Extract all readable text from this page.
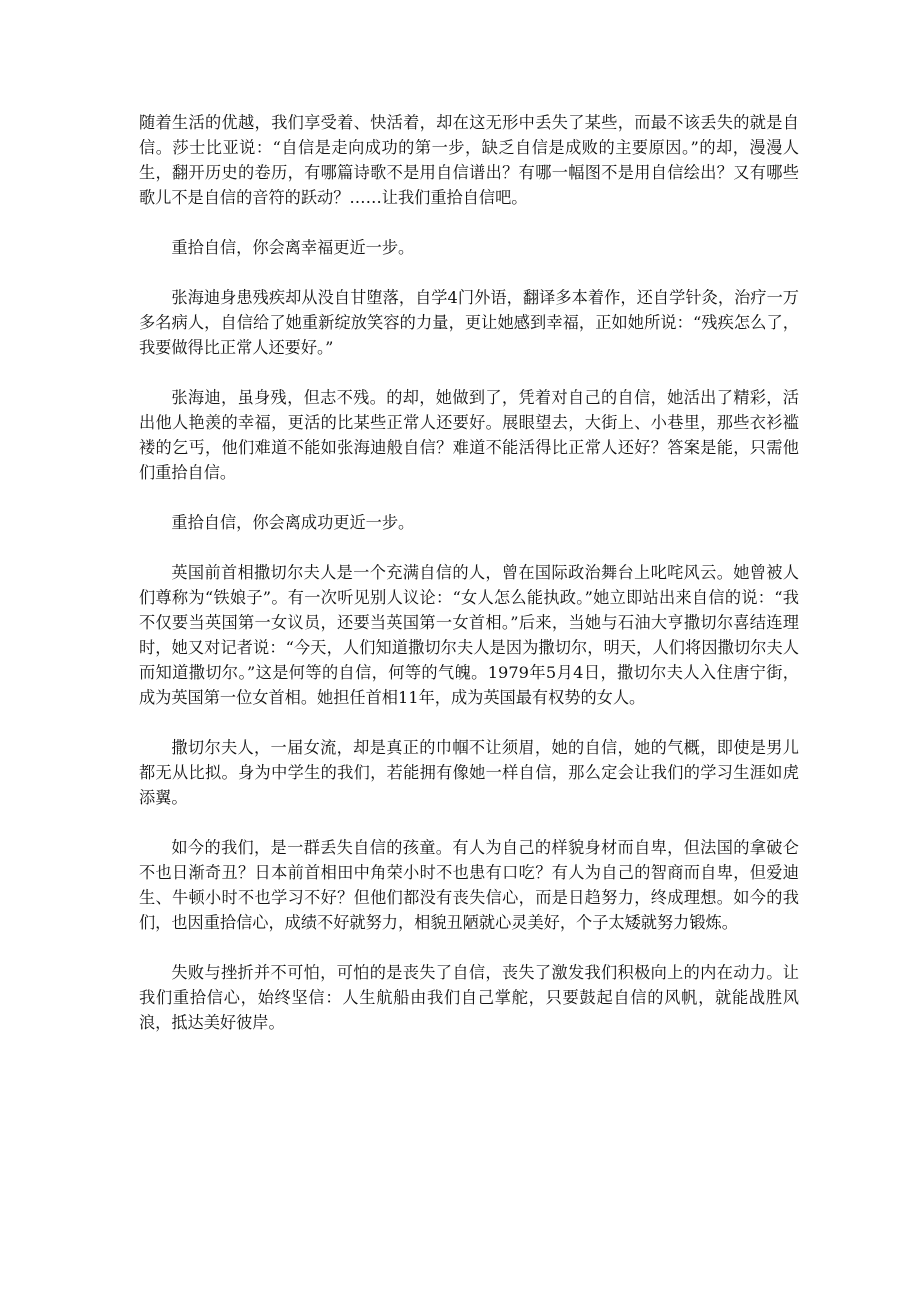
随着生活的优越，我们享受着、快活着，却在这无形中丢失了某些，而最不该丢失的就是自信。莎士比亚说：“自信是走向成功的第一步，缺乏自信是成败的主要原因。”的却，漫漫人生，翻开历史的卷历，有哪篇诗歌不是用自信谱出？有哪一幅图不是用自信绘出？又有哪些歌儿不是自信的音符的跃动？……让我们重拾自信吧。

重拾自信，你会离幸福更近一步。

张海迪身患残疾却从没自甘堕落，自学4门外语，翻译多本着作，还自学针灸，治疗一万多名病人，自信给了她重新绽放笑容的力量，更让她感到幸福，正如她所说：“残疾怎么了，我要做得比正常人还要好。”

张海迪，虽身残，但志不残。的却，她做到了，凭着对自己的自信，她活出了精彩，活出他人艳羡的幸福，更活的比某些正常人还要好。展眼望去，大街上、小巷里，那些衣衫褴褛的乞丐，他们难道不能如张海迪般自信？难道不能活得比正常人还好？答案是能，只需他们重拾自信。

重拾自信，你会离成功更近一步。

英国前首相撒切尔夫人是一个充满自信的人，曾在国际政治舞台上叱咤风云。她曾被人们尊称为“铁娘子”。有一次听见别人议论：“女人怎么能执政。”她立即站出来自信的说：“我不仅要当英国第一女议员，还要当英国第一女首相。”后来，当她与石油大亨撒切尔喜结连理时，她又对记者说：“今天，人们知道撒切尔夫人是因为撒切尔，明天，人们将因撒切尔夫人而知道撒切尔。”这是何等的自信，何等的气魄。1979年5月4日，撒切尔夫人入住唐宁街，成为英国第一位女首相。她担任首相11年，成为英国最有权势的女人。

撒切尔夫人，一届女流，却是真正的巾帼不让须眉，她的自信，她的气概，即使是男儿都无从比拟。身为中学生的我们，若能拥有像她一样自信，那么定会让我们的学习生涯如虎添翼。

如今的我们，是一群丢失自信的孩童。有人为自己的样貌身材而自卑，但法国的拿破仑不也日渐奇丑？日本前首相田中角荣小时不也患有口吃？有人为自己的智商而自卑，但爱迪生、牛顿小时不也学习不好？但他们都没有丧失信心，而是日趋努力，终成理想。如今的我们，也因重拾信心，成绩不好就努力，相貌丑陋就心灵美好，个子太矮就努力锻炼。

失败与挫折并不可怕，可怕的是丧失了自信，丧失了激发我们积极向上的内在动力。让我们重拾信心，始终坚信：人生航船由我们自己掌舵，只要鼓起自信的风帆，就能战胜风浪，抵达美好彼岸。
